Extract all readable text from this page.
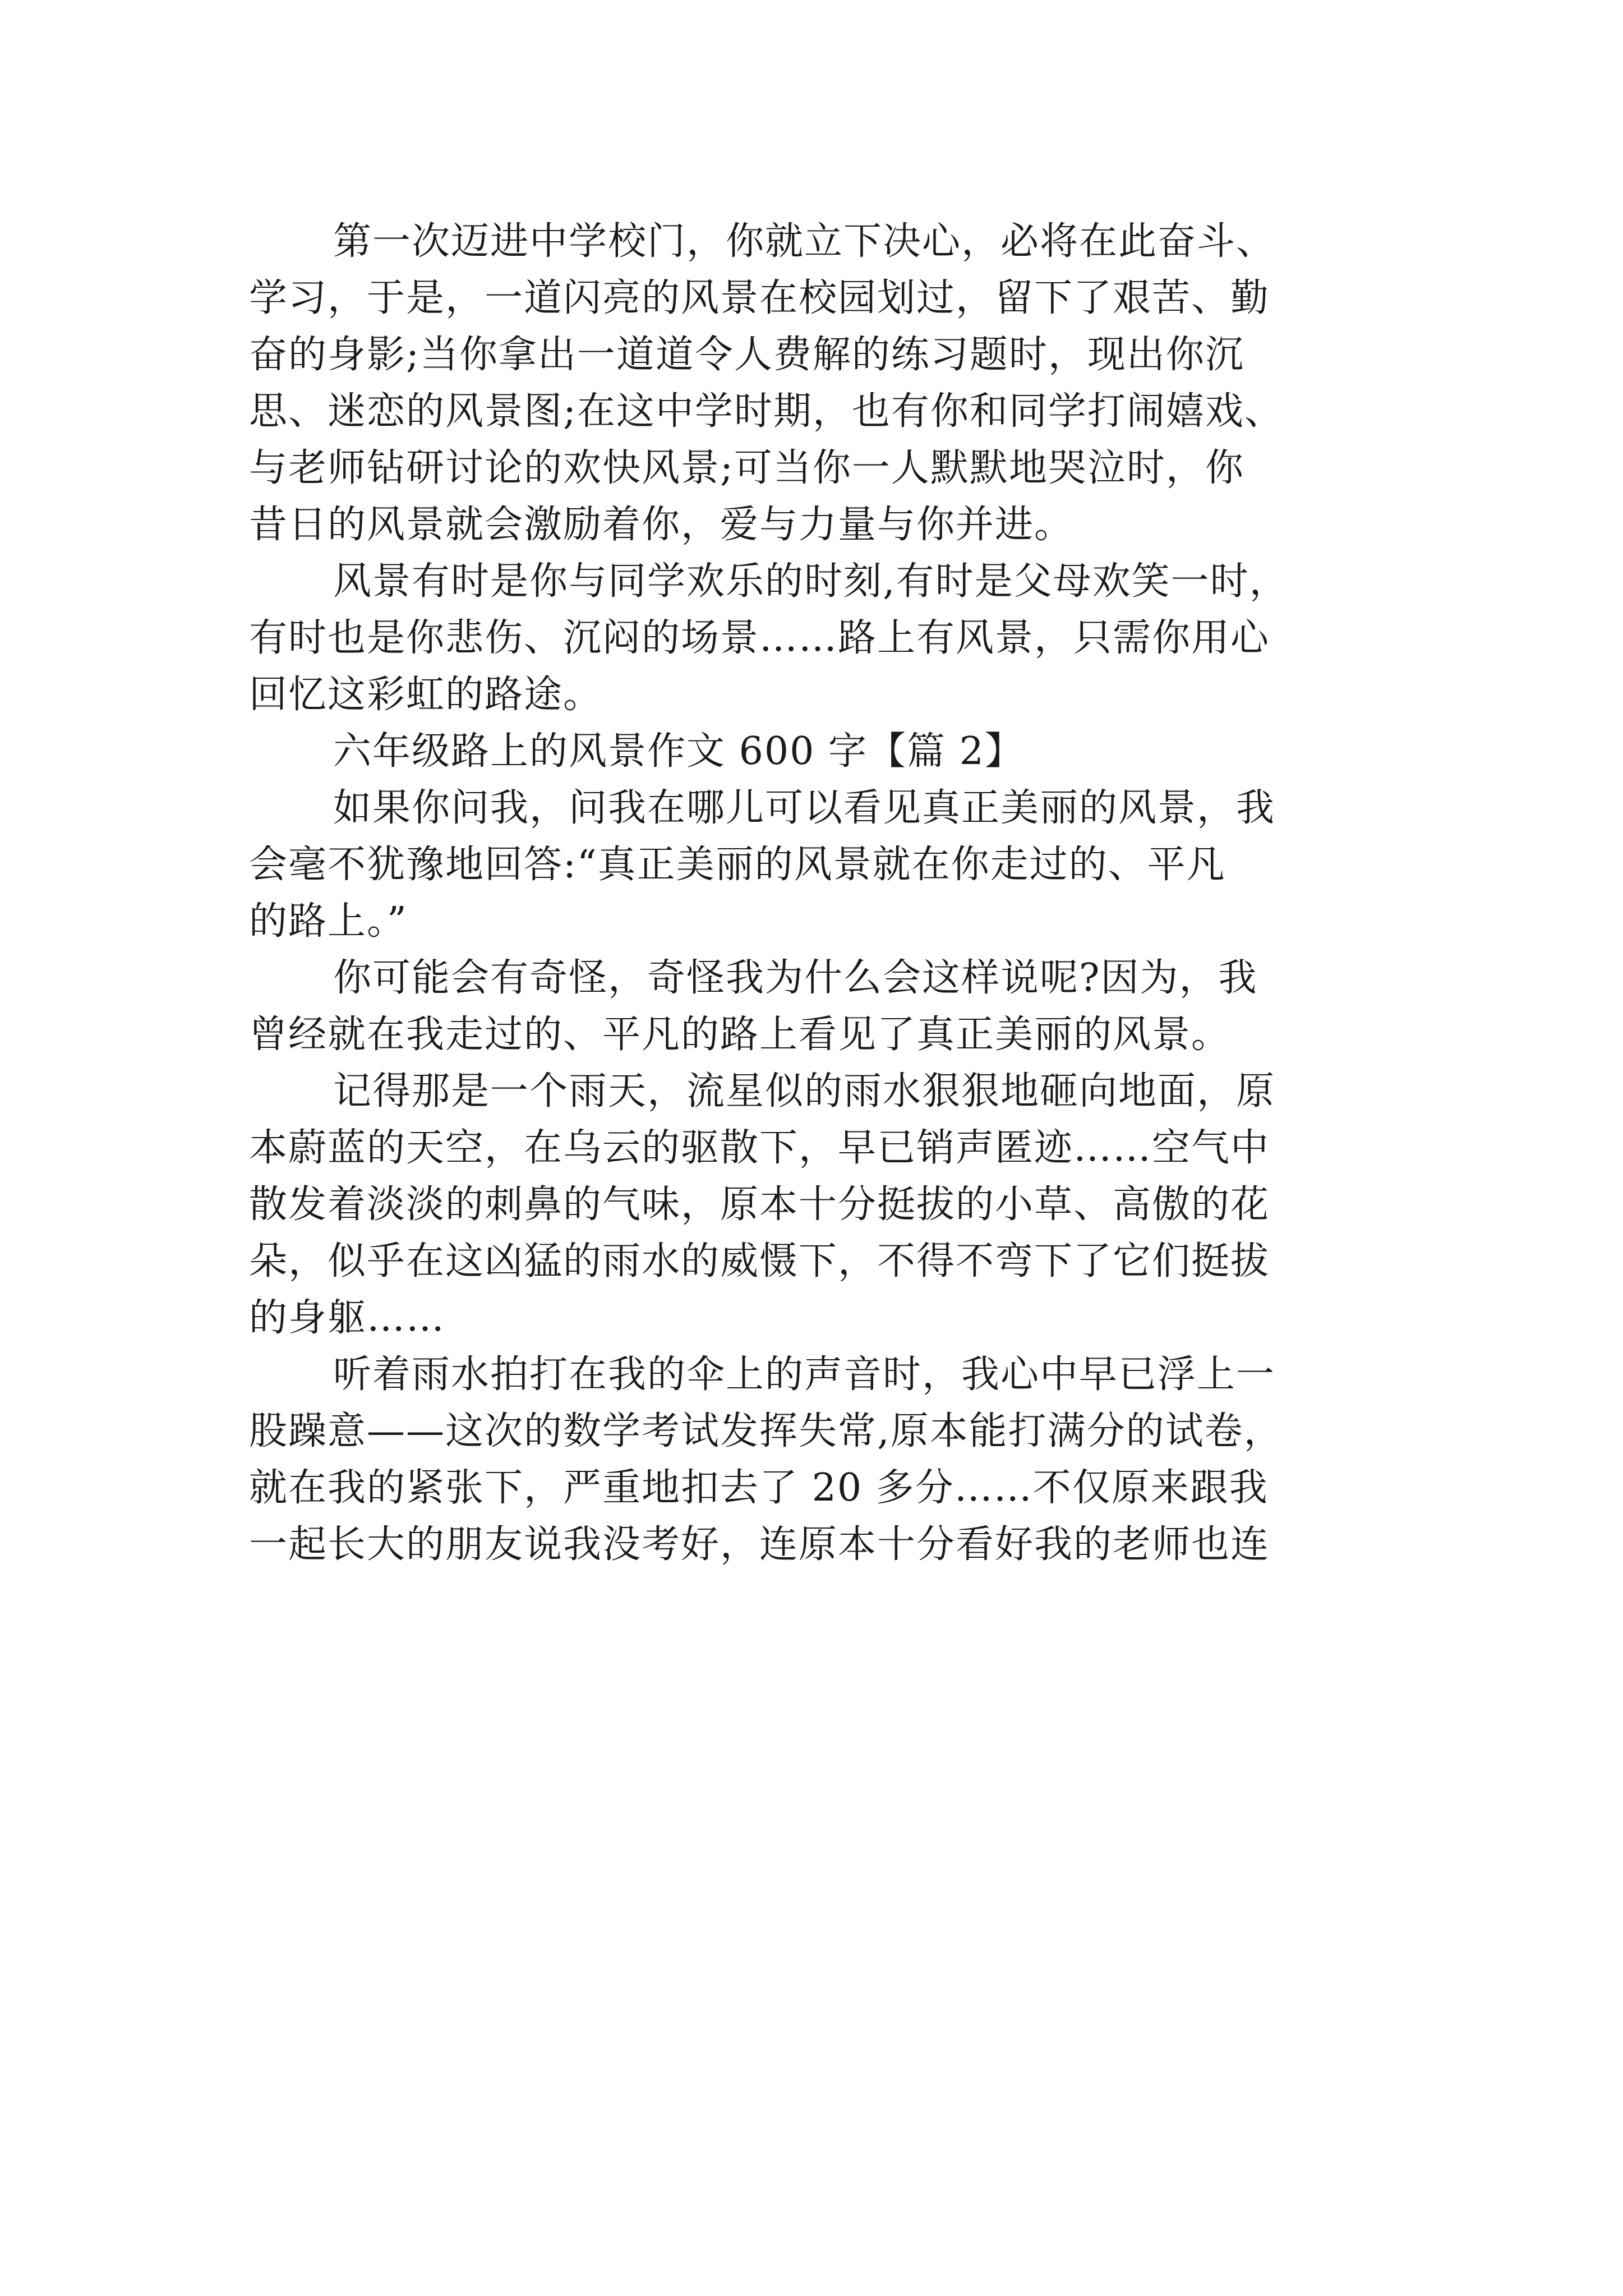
第一次迈进中学校门，你就立下决心，必将在此奋斗、
学习，于是，一道闪亮的风景在校园划过，留下了艰苦、勤
奋的身影;当你拿出一道道令人费解的练习题时，现出你沉
思、迷恋的风景图;在这中学时期，也有你和同学打闹嬉戏、
与老师钻研讨论的欢快风景;可当你一人默默地哭泣时，你
昔日的风景就会激励着你，爱与力量与你并进。
风景有时是你与同学欢乐的时刻,有时是父母欢笑一时，
有时也是你悲伤、沉闷的场景……路上有风景，只需你用心
回忆这彩虹的路途。
六年级路上的风景作文 600 字【篇 2】
如果你问我，问我在哪儿可以看见真正美丽的风景，我
会毫不犹豫地回答:“真正美丽的风景就在你走过的、平凡
的路上。”
你可能会有奇怪，奇怪我为什么会这样说呢?因为，我
曾经就在我走过的、平凡的路上看见了真正美丽的风景。
记得那是一个雨天，流星似的雨水狠狠地砸向地面，原
本蔚蓝的天空，在乌云的驱散下，早已销声匿迹……空气中
散发着淡淡的刺鼻的气味，原本十分挺拔的小草、高傲的花
朵，似乎在这凶猛的雨水的威慑下，不得不弯下了它们挺拔
的身躯……
听着雨水拍打在我的伞上的声音时，我心中早已浮上一
股躁意——这次的数学考试发挥失常,原本能打满分的试卷，
就在我的紧张下，严重地扣去了 20 多分……不仅原来跟我
一起长大的朋友说我没考好，连原本十分看好我的老师也连
